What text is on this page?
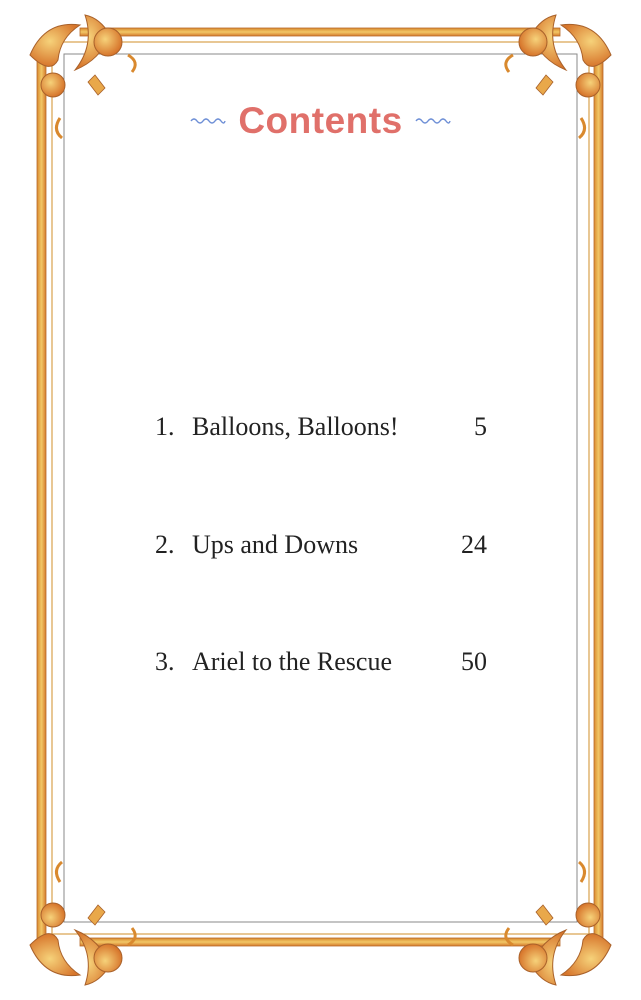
Contents
1. Balloons, Balloons!	5
2. Ups and Downs	24
3. Ariel to the Rescue	50
